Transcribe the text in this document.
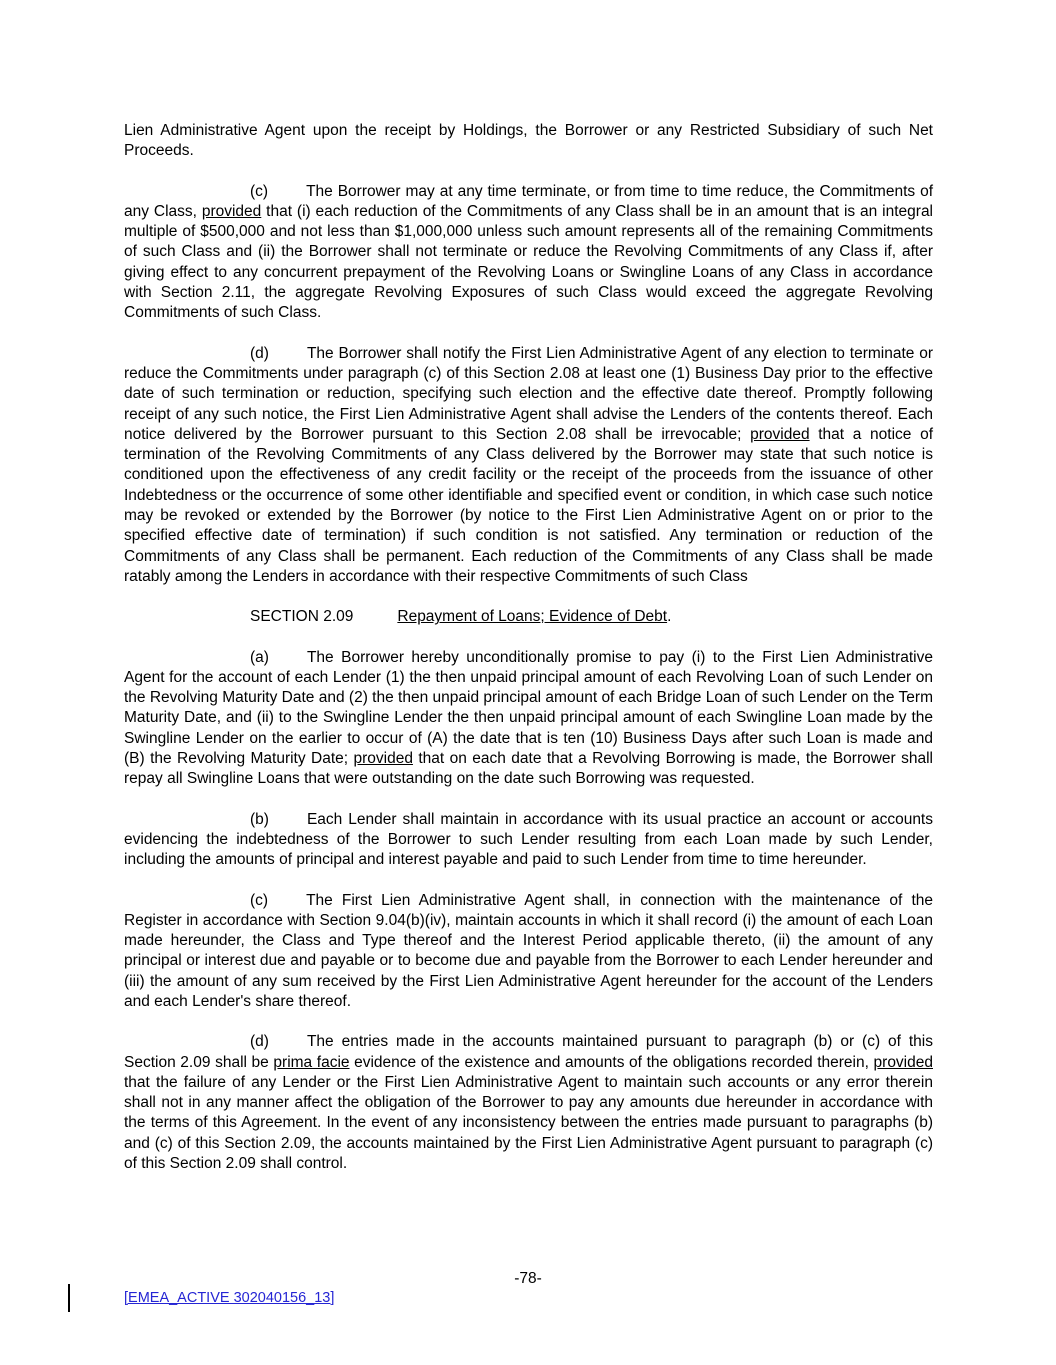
Lien Administrative Agent upon the receipt by Holdings, the Borrower or any Restricted Subsidiary of such Net Proceeds.

(c) The Borrower may at any time terminate, or from time to time reduce, the Commitments of any Class, provided that (i) each reduction of the Commitments of any Class shall be in an amount that is an integral multiple of $500,000 and not less than $1,000,000 unless such amount represents all of the remaining Commitments of such Class and (ii) the Borrower shall not terminate or reduce the Revolving Commitments of any Class if, after giving effect to any concurrent prepayment of the Revolving Loans or Swingline Loans of any Class in accordance with Section 2.11, the aggregate Revolving Exposures of such Class would exceed the aggregate Revolving Commitments of such Class.

(d) The Borrower shall notify the First Lien Administrative Agent of any election to terminate or reduce the Commitments under paragraph (c) of this Section 2.08 at least one (1) Business Day prior to the effective date of such termination or reduction, specifying such election and the effective date thereof. Promptly following receipt of any such notice, the First Lien Administrative Agent shall advise the Lenders of the contents thereof. Each notice delivered by the Borrower pursuant to this Section 2.08 shall be irrevocable; provided that a notice of termination of the Revolving Commitments of any Class delivered by the Borrower may state that such notice is conditioned upon the effectiveness of any credit facility or the receipt of the proceeds from the issuance of other Indebtedness or the occurrence of some other identifiable and specified event or condition, in which case such notice may be revoked or extended by the Borrower (by notice to the First Lien Administrative Agent on or prior to the specified effective date of termination) if such condition is not satisfied. Any termination or reduction of the Commitments of any Class shall be permanent. Each reduction of the Commitments of any Class shall be made ratably among the Lenders in accordance with their respective Commitments of such Class

SECTION 2.09	Repayment of Loans; Evidence of Debt.

(a) The Borrower hereby unconditionally promise to pay (i) to the First Lien Administrative Agent for the account of each Lender (1) the then unpaid principal amount of each Revolving Loan of such Lender on the Revolving Maturity Date and (2) the then unpaid principal amount of each Bridge Loan of such Lender on the Term Maturity Date, and (ii) to the Swingline Lender the then unpaid principal amount of each Swingline Loan made by the Swingline Lender on the earlier to occur of (A) the date that is ten (10) Business Days after such Loan is made and (B) the Revolving Maturity Date; provided that on each date that a Revolving Borrowing is made, the Borrower shall repay all Swingline Loans that were outstanding on the date such Borrowing was requested.

(b) Each Lender shall maintain in accordance with its usual practice an account or accounts evidencing the indebtedness of the Borrower to such Lender resulting from each Loan made by such Lender, including the amounts of principal and interest payable and paid to such Lender from time to time hereunder.

(c) The First Lien Administrative Agent shall, in connection with the maintenance of the Register in accordance with Section 9.04(b)(iv), maintain accounts in which it shall record (i) the amount of each Loan made hereunder, the Class and Type thereof and the Interest Period applicable thereto, (ii) the amount of any principal or interest due and payable or to become due and payable from the Borrower to each Lender hereunder and (iii) the amount of any sum received by the First Lien Administrative Agent hereunder for the account of the Lenders and each Lender's share thereof.

(d) The entries made in the accounts maintained pursuant to paragraph (b) or (c) of this Section 2.09 shall be prima facie evidence of the existence and amounts of the obligations recorded therein, provided that the failure of any Lender or the First Lien Administrative Agent to maintain such accounts or any error therein shall not in any manner affect the obligation of the Borrower to pay any amounts due hereunder in accordance with the terms of this Agreement. In the event of any inconsistency between the entries made pursuant to paragraphs (b) and (c) of this Section 2.09, the accounts maintained by the First Lien Administrative Agent pursuant to paragraph (c) of this Section 2.09 shall control.

-78-
[EMEA_ACTIVE 302040156_13]
